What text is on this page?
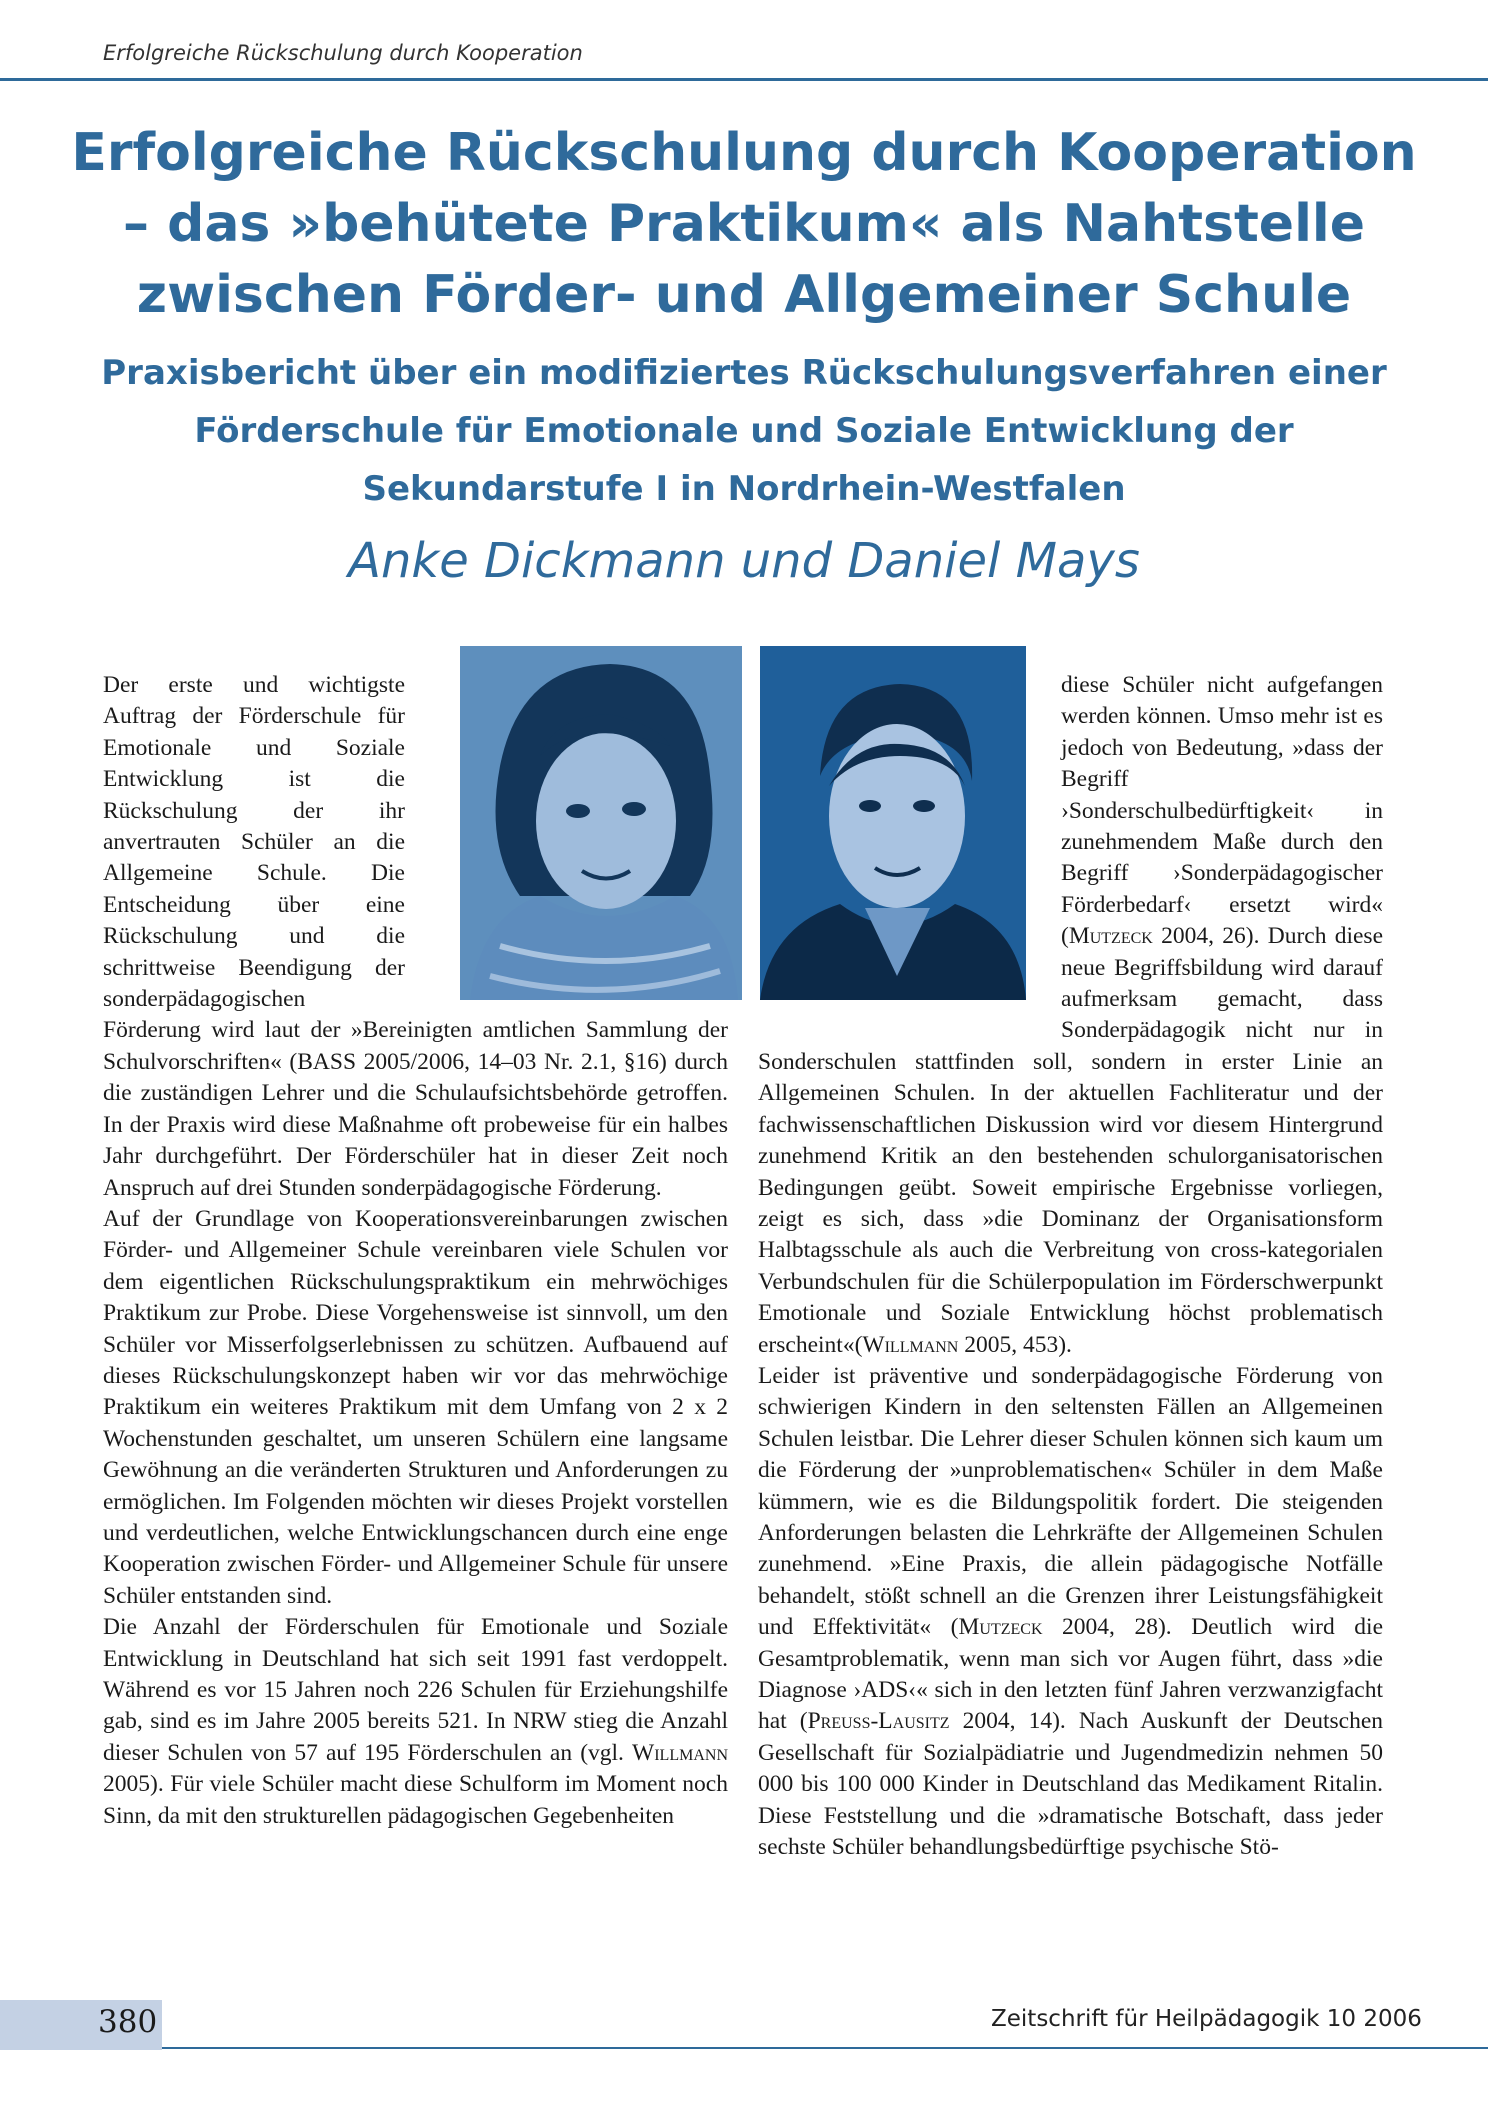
Erfolgreiche Rückschulung durch Kooperation
Erfolgreiche Rückschulung durch Kooperation – das »behütete Praktikum« als Nahtstelle zwischen Förder- und Allgemeiner Schule
Praxisbericht über ein modifiziertes Rückschulungsverfahren einer Förderschule für Emotionale und Soziale Entwicklung der Sekundarstufe I in Nordrhein-Westfalen
Anke Dickmann und Daniel Mays

Der erste und wichtigste Auftrag der Förderschule für Emotionale und Soziale Entwicklung ist die Rückschulung der ihr anvertrauten Schüler an die Allgemeine Schule. Die Entscheidung über eine Rückschulung und die schrittweise Beendigung der sonderpädagogischen Förderung wird laut der »Bereinigten amtlichen Sammlung der Schulvorschriften« (BASS 2005/2006, 14–03 Nr. 2.1, §16) durch die zuständigen Lehrer und die Schulaufsichtsbehörde getroffen. In der Praxis wird diese Maßnahme oft probeweise für ein halbes Jahr durchgeführt. Der Förderschüler hat in dieser Zeit noch Anspruch auf drei Stunden sonderpädagogische Förderung.

Auf der Grundlage von Kooperationsvereinbarungen zwischen Förder- und Allgemeiner Schule vereinbaren viele Schulen vor dem eigentlichen Rückschulungspraktikum ein mehrwöchiges Praktikum zur Probe. Diese Vorgehensweise ist sinnvoll, um den Schüler vor Misserfolgserlebnissen zu schützen. Aufbauend auf dieses Rückschulungskonzept haben wir vor das mehrwöchige Praktikum ein weiteres Praktikum mit dem Umfang von 2 x 2 Wochenstunden geschaltet, um unseren Schülern eine langsame Gewöhnung an die veränderten Strukturen und Anforderungen zu ermöglichen. Im Folgenden möchten wir dieses Projekt vorstellen und verdeutlichen, welche Entwicklungschancen durch eine enge Kooperation zwischen Förder- und Allgemeiner Schule für unsere Schüler entstanden sind.

Die Anzahl der Förderschulen für Emotionale und Soziale Entwicklung in Deutschland hat sich seit 1991 fast verdoppelt. Während es vor 15 Jahren noch 226 Schulen für Erziehungshilfe gab, sind es im Jahre 2005 bereits 521. In NRW stieg die Anzahl dieser Schulen von 57 auf 195 Förderschulen an (vgl. Willmann 2005). Für viele Schüler macht diese Schulform im Moment noch Sinn, da mit den strukturellen pädagogischen Gegebenheiten

diese Schüler nicht aufgefangen werden können. Umso mehr ist es jedoch von Bedeutung, »dass der Begriff ›Sonderschulbedürftigkeit‹ in zunehmendem Maße durch den Begriff ›Sonderpädagogischer Förderbedarf‹ ersetzt wird« (Mutzeck 2004, 26). Durch diese neue Begriffsbildung wird darauf aufmerksam gemacht, dass Sonderpädagogik nicht nur in Sonderschulen stattfinden soll, sondern in erster Linie an Allgemeinen Schulen. In der aktuellen Fachliteratur und der fachwissenschaftlichen Diskussion wird vor diesem Hintergrund zunehmend Kritik an den bestehenden schulorganisatorischen Bedingungen geübt. Soweit empirische Ergebnisse vorliegen, zeigt es sich, dass »die Dominanz der Organisationsform Halbtagsschule als auch die Verbreitung von cross-kategorialen Verbundschulen für die Schülerpopulation im Förderschwerpunkt Emotionale und Soziale Entwicklung höchst problematisch erscheint«(Willmann 2005, 453).

Leider ist präventive und sonderpädagogische Förderung von schwierigen Kindern in den seltensten Fällen an Allgemeinen Schulen leistbar. Die Lehrer dieser Schulen können sich kaum um die Förderung der »unproblematischen« Schüler in dem Maße kümmern, wie es die Bildungspolitik fordert. Die steigenden Anforderungen belasten die Lehrkräfte der Allgemeinen Schulen zunehmend. »Eine Praxis, die allein pädagogische Notfälle behandelt, stößt schnell an die Grenzen ihrer Leistungsfähigkeit und Effektivität« (Mutzeck 2004, 28). Deutlich wird die Gesamtproblematik, wenn man sich vor Augen führt, dass »die Diagnose ›ADS‹« sich in den letzten fünf Jahren verzwanzigfacht hat (Preuss-Lausitz 2004, 14). Nach Auskunft der Deutschen Gesellschaft für Sozialpädiatrie und Jugendmedizin nehmen 50 000 bis 100 000 Kinder in Deutschland das Medikament Ritalin. Diese Feststellung und die »dramatische Botschaft, dass jeder sechste Schüler behandlungsbedürftige psychische Stö-

380	Zeitschrift für Heilpädagogik 10 2006
